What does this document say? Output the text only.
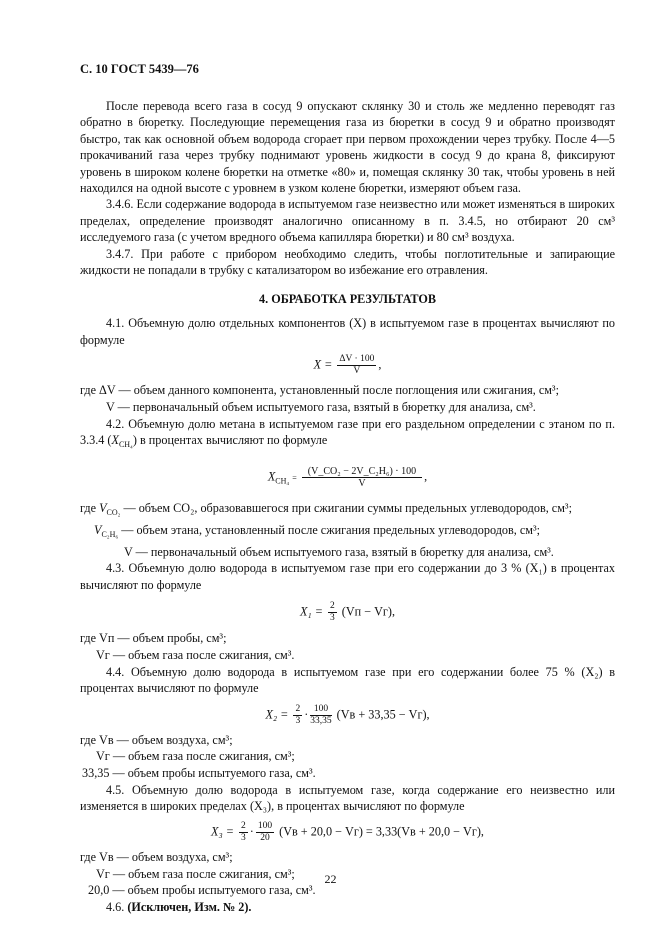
С. 10 ГОСТ 5439—76

После перевода всего газа в сосуд 9 опускают склянку 30 и столь же медленно переводят газ обратно в бюретку. Последующие перемещения газа из бюретки в сосуд 9 и обратно производят быстро, так как основной объем водорода сгорает при первом прохождении через трубку. После 4—5 прокачиваний газа через трубку поднимают уровень жидкости в сосуд 9 до крана 8, фиксируют уровень в широком колене бюретки на отметке «80» и, помещая склянку 30 так, чтобы уровень в ней находился на одной высоте с уровнем в узком колене бюретки, измеряют объем газа.

3.4.6. Если содержание водорода в испытуемом газе неизвестно или может изменяться в широких пределах, определение производят аналогично описанному в п. 3.4.5, но отбирают 20 см³ исследуемого газа (с учетом вредного объема капилляра бюретки) и 80 см³ воздуха.

3.4.7. При работе с прибором необходимо следить, чтобы поглотительные и запирающие жидкости не попадали в трубку с катализатором во избежание его отравления.

4. ОБРАБОТКА РЕЗУЛЬТАТОВ

4.1. Объемную долю отдельных компонентов (X) в испытуемом газе в процентах вычисляют по формуле

$X = \frac{\Delta V \cdot 100}{V}$ ,

где ΔV — объем данного компонента, установленный после поглощения или сжигания, см³;

V — первоначальный объем испытуемого газа, взятый в бюретку для анализа, см³.

4.2. Объемную долю метана в испытуемом газе при его раздельном определении с этаном по п. 3.3.4 $(X_{CH_4})$ в процентах вычисляют по формуле

$X_{CH_4} = \frac{\text{(V\_CO₂ − 2V\_C₂H₆) · 100}}{V}$ ,

где $V_{CO_2}$ — объем CO₂, образовавшегося при сжигании суммы предельных углеводородов, см³;

$V_{C_2H_6}$ — объем этана, установленный после сжигания предельных углеводородов, см³;

V — первоначальный объем испытуемого газа, взятый в бюретку для анализа, см³.

4.3. Объемную долю водорода в испытуемом газе при его содержании до 3 % (X₁) в процентах вычисляют по формуле

$X_1 = \frac{2}{3} (Vп - Vг)$,

где Vп — объем пробы, см³;

Vг — объем газа после сжигания, см³.

4.4. Объемную долю водорода в испытуемом газе при его содержании более 75 % (X₂) в процентах вычисляют по формуле

$X_2 = \frac{2}{3} \cdot \frac{100}{33,35} (Vв + 33,35 - Vг)$,

где Vв — объем воздуха, см³;

Vг — объем газа после сжигания, см³;

33,35 — объем пробы испытуемого газа, см³.

4.5. Объемную долю водорода в испытуемом газе, когда содержание его неизвестно или изменяется в широких пределах (X₃), в процентах вычисляют по формуле

$X_3 = \frac{2}{3} \cdot \frac{100}{20} (Vв + 20,0 - Vг) = 3,33(Vв + 20,0 - Vг)$,

где Vв — объем воздуха, см³;

Vг — объем газа после сжигания, см³;

20,0 — объем пробы испытуемого газа, см³.

4.6. (Исключен, Изм. № 2).

22
